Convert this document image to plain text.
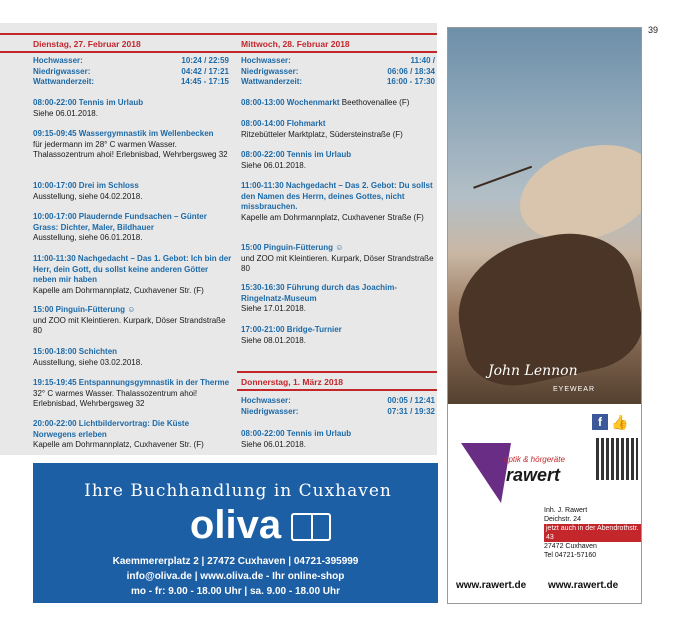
39
Dienstag, 27. Februar 2018
Hochwasser:	10:24 / 22:59
Niedrigwasser:	04:42 / 17:21
Wattwanderzeit:	14:45 - 17:15
08:00-22:00 Tennis im Urlaub
Siehe 06.01.2018.
09:15-09:45 Wassergymnastik im Wellenbecken
für jedermann im 28° C warmen Wasser. Thalassozentrum ahoi! Erlebnisbad, Wehrbergsweg 32
10:00-17:00 Drei im Schloss
Ausstellung, siehe 04.02.2018.
10:00-17:00 Plaudernde Fundsachen – Günter Grass: Dichter, Maler, Bildhauer
Ausstellung, siehe 06.01.2018.
11:00-11:30 Nachgedacht – Das 1. Gebot: Ich bin der Herr, dein Gott, du sollst keine anderen Götter neben mir haben
Kapelle am Dohrmannplatz, Cuxhavener Str. (F)
15:00 Pinguin-Fütterung ☺
und ZOO mit Kleintieren. Kurpark, Döser Strandstraße 80
15:00-18:00 Schichten
Ausstellung, siehe 03.02.2018.
19:15-19:45 Entspannungsgymnastik in der Therme
32° C warmes Wasser. Thalassozentrum ahoi! Erlebnisbad, Wehrbergsweg 32
20:00-22:00 Lichtbildervortrag: Die Küste Norwegens erleben
Kapelle am Dohrmannplatz, Cuxhavener Str. (F)
Mittwoch, 28. Februar 2018
Hochwasser:	11:40 /
Niedrigwasser:	06:06 / 18:34
Wattwanderzeit:	16:00 - 17:30
08:00-13:00 Wochenmarkt Beethovenallee (F)
08:00-14:00 Flohmarkt
Ritzebütteler Marktplatz, Südersteinstraße (F)
08:00-22:00 Tennis im Urlaub
Siehe 06.01.2018.
11:00-11:30 Nachgedacht – Das 2. Gebot: Du sollst den Namen des Herrn, deines Gottes, nicht missbrauchen.
Kapelle am Dohrmannplatz, Cuxhavener Straße (F)
15:00 Pinguin-Fütterung ☺
und ZOO mit Kleintieren. Kurpark, Döser Strandstraße 80
15:30-16:30 Führung durch das Joachim-Ringelnatz-Museum
Siehe 17.01.2018.
17:00-21:00 Bridge-Turnier
Siehe 08.01.2018.
Donnerstag, 1. März 2018
Hochwasser:	00:05 / 12:41
Niedrigwasser:	07:31 / 19:32
08:00-22:00 Tennis im Urlaub
Siehe 06.01.2018.
John Lennon
EYEWEAR
f 👍
optik & hörgeräte
rawert
Inh. J. Rawert
Deichstr. 24
jetzt auch in der Abendrothstr. 43
27472 Cuxhaven
Tel 04721-57160
www.rawert.de www.rawert.de
Ihre Buchhandlung in Cuxhaven
oliva
Kaemmererplatz 2 | 27472 Cuxhaven | 04721-395999
info@oliva.de | www.oliva.de - Ihr online-shop
mo - fr: 9.00 - 18.00 Uhr | sa. 9.00 - 18.00 Uhr
